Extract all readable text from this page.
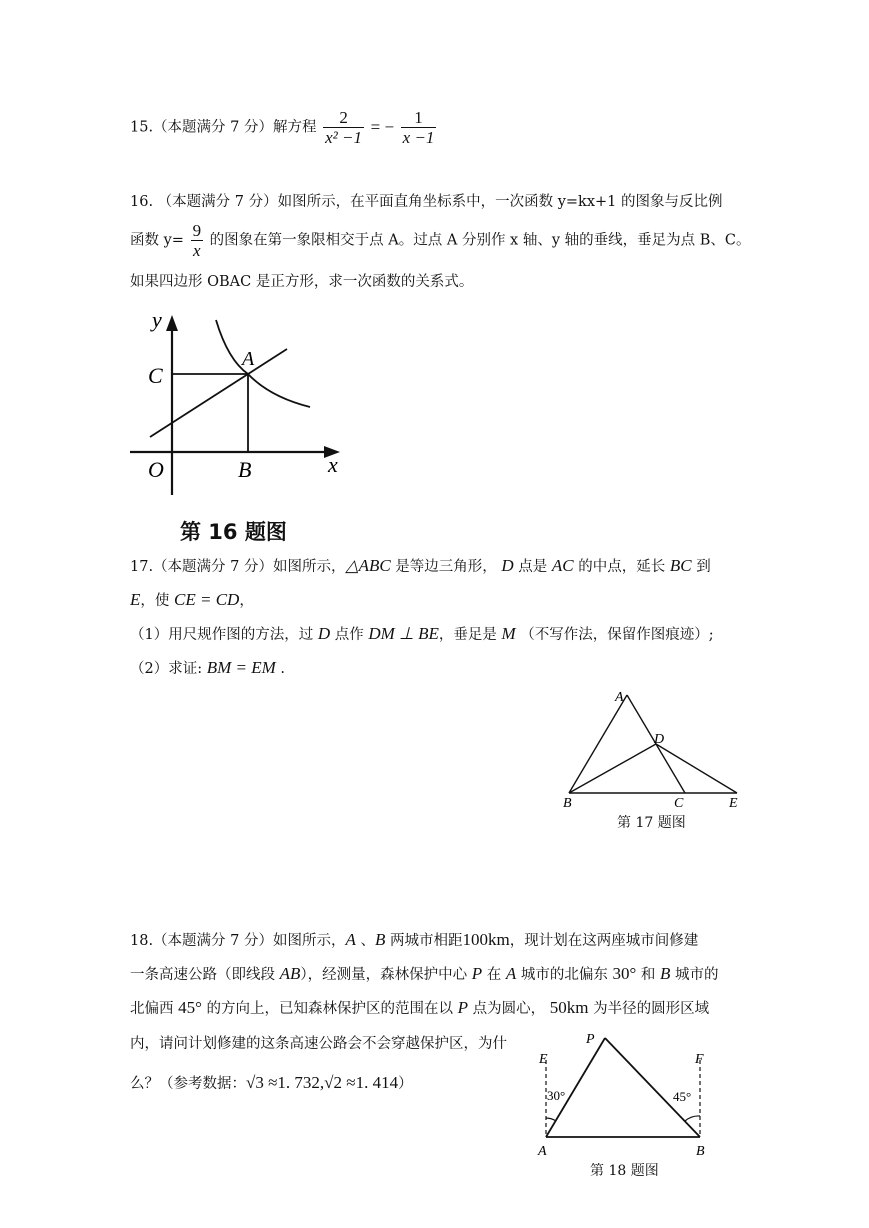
15.（本题满分 7 分）解方程 $\frac{2}{\text{x² −1}}$ = − $\frac{1}{x -1}$
16. （本题满分 7 分）如图所示，在平面直角坐标系中，一次函数 y=kx+1 的图象与反比例
函数 $y= \frac{9}{x}$ 的图象在第一象限相交于点 A。过点 A 分别作 x 轴、y 轴的垂线，垂足为点 B、C。
如果四边形 OBAC 是正方形，求一次函数的关系式。
y
x
A
C
O	B
第 16 题图
17.（本题满分 7 分）如图所示，△ABC 是等边三角形， D 点是 AC 的中点，延长 BC 到
E，使 CE = CD，
（1）用尺规作图的方法，过 D 点作 DM ⊥ BE，垂足是 M （不写作法，保留作图痕迹）;
（2）求证: BM = EM .
A
D
B	C	E
第 17 题图
18.（本题满分 7 分）如图所示，A 、B 两城市相距100km，现计划在这两座城市间修建
一条高速公路（即线段 AB），经测量，森林保护中心 P 在 A 城市的北偏东 30° 和 B 城市的
北偏西 45° 的方向上，已知森林保护区的范围在以 P 点为圆心， 50km 为半径的圆形区域
内，请问计划修建的这条高速公路会不会穿越保护区，为什
么？（参考数据：√3 ≈1. 732,√2 ≈1. 414）
P
E	F
A	B
30°	45°
第 18 题图
